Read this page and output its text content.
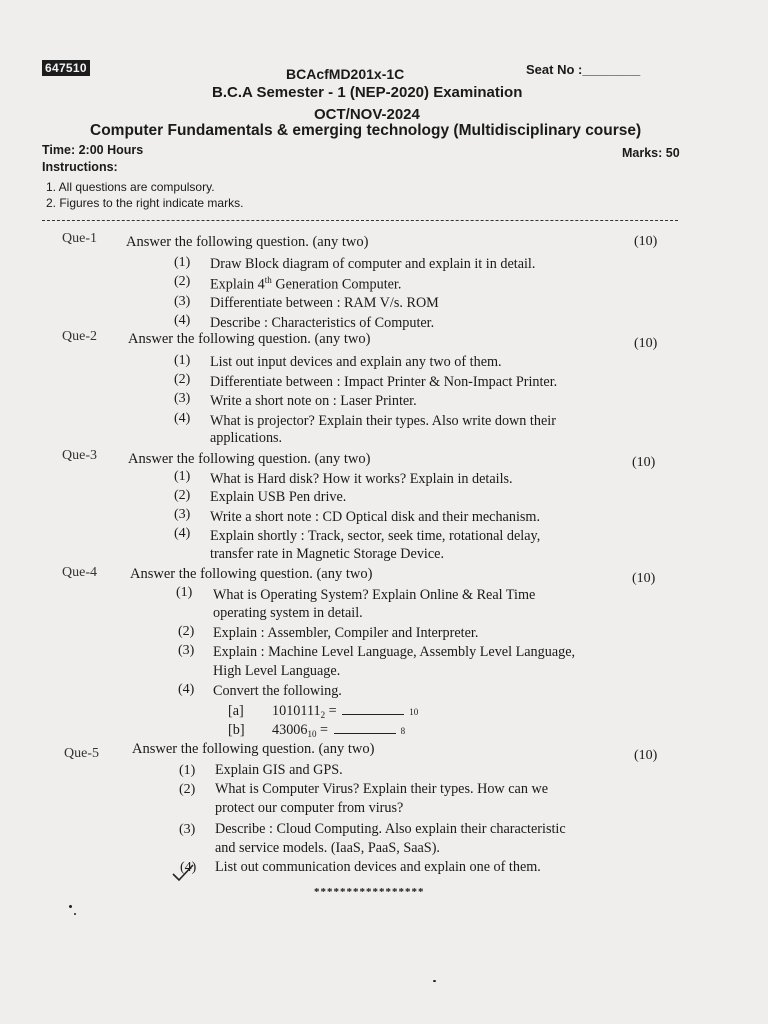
647510	BCAcfMD201x-1C	Seat No :________
B.C.A Semester - 1 (NEP-2020) Examination
OCT/NOV-2024
Computer Fundamentals & emerging technology (Multidisciplinary course)
Time: 2:00 Hours	Marks: 50
Instructions:
1. All questions are compulsory.
2. Figures to the right indicate marks.
Que-1 Answer the following question. (any two)	(10)
(1) Draw Block diagram of computer and explain it in detail.
(2) Explain 4th Generation Computer.
(3) Differentiate between : RAM V/s. ROM
(4) Describe : Characteristics of Computer.
Que-2 Answer the following question. (any two)	(10)
(1) List out input devices and explain any two of them.
(2) Differentiate between : Impact Printer & Non-Impact Printer.
(3) Write a short note on : Laser Printer.
(4) What is projector? Explain their types. Also write down their
applications.
Que-3 Answer the following question. (any two)	(10)
(1) What is Hard disk? How it works? Explain in details.
(2) Explain USB Pen drive.
(3) Write a short note : CD Optical disk and their mechanism.
(4) Explain shortly : Track, sector, seek time, rotational delay,
transfer rate in Magnetic Storage Device.
Que-4 Answer the following question. (any two)	(10)
(1) What is Operating System? Explain Online & Real Time
operating system in detail.
(2) Explain : Assembler, Compiler and Interpreter.
(3) Explain : Machine Level Language, Assembly Level Language,
High Level Language.
(4) Convert the following.
[a] $1010111_2$ =	10
[b] $43006_{10}$ =	8
Que-5 Answer the following question. (any two)	(10)
(1) Explain GIS and GPS.
(2) What is Computer Virus? Explain their types. How can we
protect our computer from virus?
(3) Describe : Cloud Computing. Also explain their characteristic
and service models. (IaaS, PaaS, SaaS).
(4) List out communication devices and explain one of them.
*****************
